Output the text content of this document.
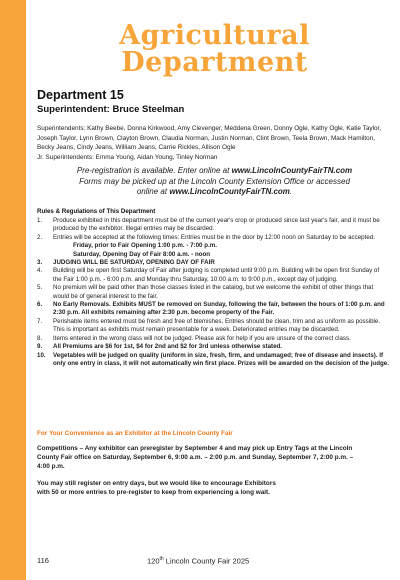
Agricultural
Department

Department 15

Superintendent: Bruce Steelman

Superintendents: Kathy Beebe, Donna Kirkwood, Amy Clevenger, Meddena Green, Donny Ogle, Kathy Ogle, Katie Taylor, Joseph Taylor, Lynn Brown, Clayton Brown, Claudia Norman, Justin Norman, Clint Brown, Teela Brown, Mack Hamilton, Becky Jeans, Cindy Jeans, William Jeans, Carrie Rickles, Allison Ogle
Jr. Superintendents: Emma Young, Aidan Young, Tinley Norman

Pre-registration is available. Enter online at www.LincolnCountyFairTN.com
Forms may be picked up at the Lincoln County Extension Office or accessed
online at www.LincolnCountyFairTN.com.

Rules & Regulations of This Department

1. Produce exhibited in this department must be of the current year's crop or produced since last year's fair, and it must be produced by the exhibitor. Illegal entries may be discarded.
2. Entries will be accepted at the following times: Entries must be in the door by 12:00 noon on Saturday to be accepted.
Friday, prior to Fair Opening 1:00 p.m. - 7:00 p.m.
Saturday, Opening Day of Fair 8:00 a.m. - noon
3. JUDGING WILL BE SATURDAY, OPENING DAY OF FAIR
4. Building will be open first Saturday of Fair after judging is completed until 9:00 p.m. Building will be open first Sunday of the Fair 1:00 p.m. - 6:00 p.m. and Monday thru Saturday, 10:00 a.m. to 9:00 p.m., except day of judging.
5. No premium will be paid other than those classes listed in the catalog, but we welcome the exhibit of other things that would be of general interest to the fair.
6. No Early Removals. Exhibits MUST be removed on Sunday, following the fair, between the hours of 1:00 p.m. and 2:30 p.m. All exhibits remaining after 2:30 p.m. become property of the Fair.
7. Perishable items entered must be fresh and free of blemishes. Entries should be clean, trim and as uniform as possible. This is important as exhibits must remain presentable for a week. Deteriorated entries may be discarded.
8. Items entered in the wrong class will not be judged. Please ask for help if you are unsure of the correct class.
9. All Premiums are $6 for 1st, $4 for 2nd and $2 for 3rd unless otherwise stated.
10. Vegetables will be judged on quality (uniform in size, fresh, firm, and undamaged; free of disease and insects). If only one entry in class, it will not automatically win first place. Prizes will be awarded on the decision of the judge.

For Your Convenience as an Exhibitor at the Lincoln County Fair

Competitions – Any exhibitor can preregister by September 4 and may pick up Entry Tags at the Lincoln County Fair office on Saturday, September 6, 9:00 a.m. – 2:00 p.m. and Sunday, September 7, 2:00 p.m. – 4:00 p.m.

You may still register on entry days, but we would like to encourage Exhibitors with 50 or more entries to pre-register to keep from experiencing a long wait.

116	120th Lincoln County Fair 2025
